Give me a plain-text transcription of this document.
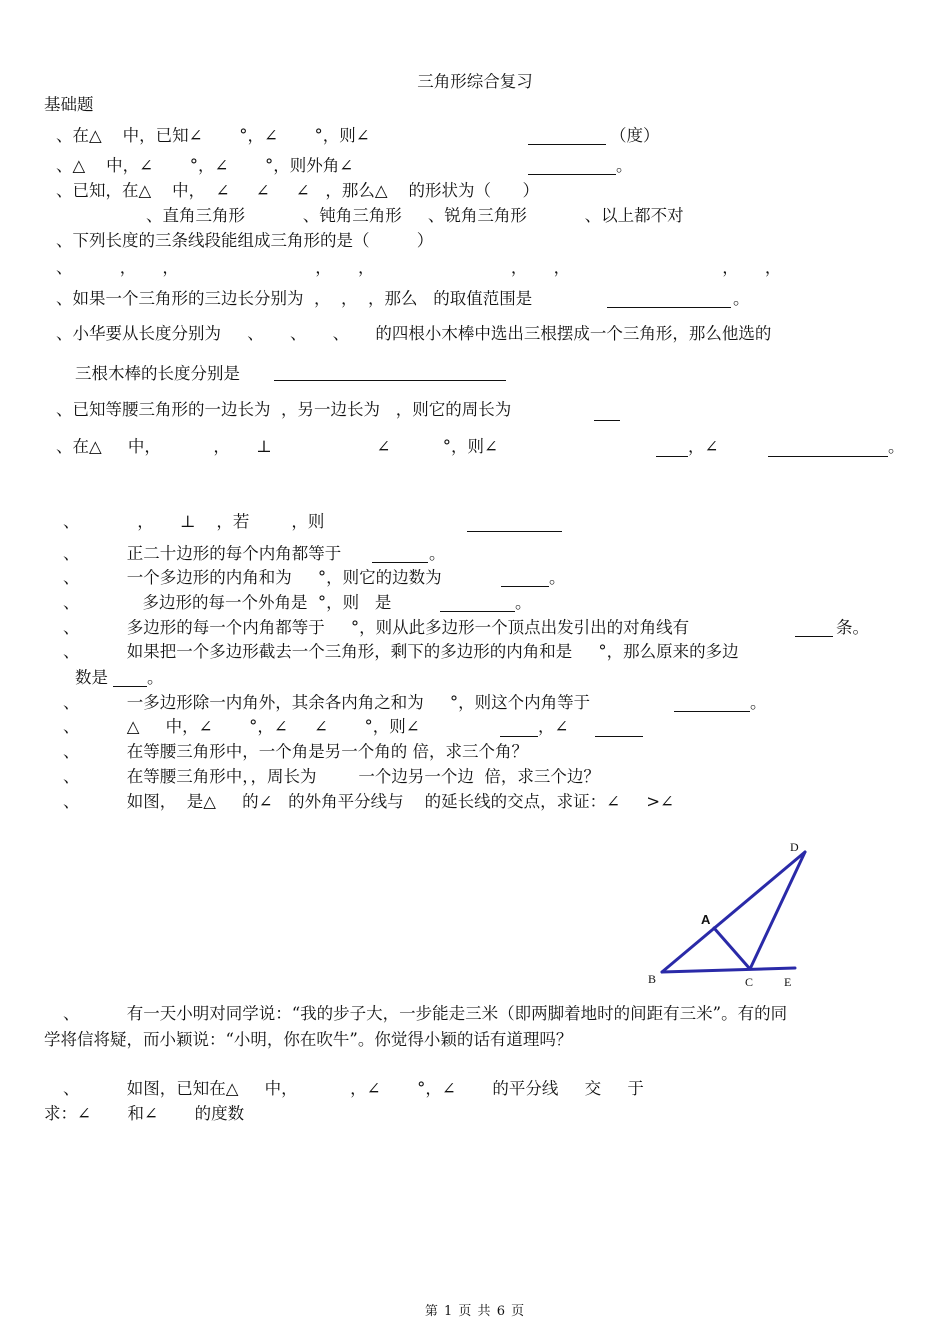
三角形综合复习
基础题
、在△    中，已知∠       °，∠       °，则∠	（度）
、△    中，∠       °，∠       °，则外角∠	。
、已知，在△    中，  ∠     ∠     ∠   ，那么△    的形状为（      ）
、直角三角形           、钝角三角形     、锐角三角形           、以上都不对
、下列长度的三条线段能组成三角形的是（         ）
、         ，     ，                          ，     ，                          ，     ，                             ，     ，
、如果一个三角形的三边长分别为  ，  ，  ，那么   的取值范围是	。
、小华要从长度分别为     、     、     、     的四根小木棒中选出三根摆成一个三角形，那么他选的
三根木棒的长度分别是
、已知等腰三角形的一边长为  ，另一边长为   ，则它的周长为
、在△     中，          ，     ⊥                    ∠          °，则∠	，∠	。
、           ，     ⊥    ，若        ，则
、         正二十边形的每个内角都等于	。
、         一个多边形的内角和为     °，则它的边数为	。
、            多边形的每一个外角是  °，则   是	。
、         多边形的每一个内角都等于     °，则从此多边形一个顶点出发引出的对角线有	条。
、         如果把一个多边形截去一个三角形，剩下的多边形的内角和是     °，那么原来的多边
数是 。
、         一多边形除一内角外，其余各内角之和为     °，则这个内角等于	。
、         △     中，∠       °，∠     ∠       °，则∠	，∠
、         在等腰三角形中，一个角是另一个角的 倍，求三个角？
、         在等腰三角形中，，周长为        一个边另一个边  倍，求三个边？
、         如图，  是△     的∠   的外角平分线与    的延长线的交点，求证：∠     >∠
D
A
B	C	E
、         有一天小明对同学说：“我的步子大，一步能走三米（即两脚着地时的间距有三米”。有的同
学将信将疑，而小颖说：“小明，你在吹牛”。你觉得小颖的话有道理吗？
、         如图，已知在△     中，          ，∠       °，∠       的平分线     交     于
求：∠       和∠       的度数
第 1 页 共 6 页
